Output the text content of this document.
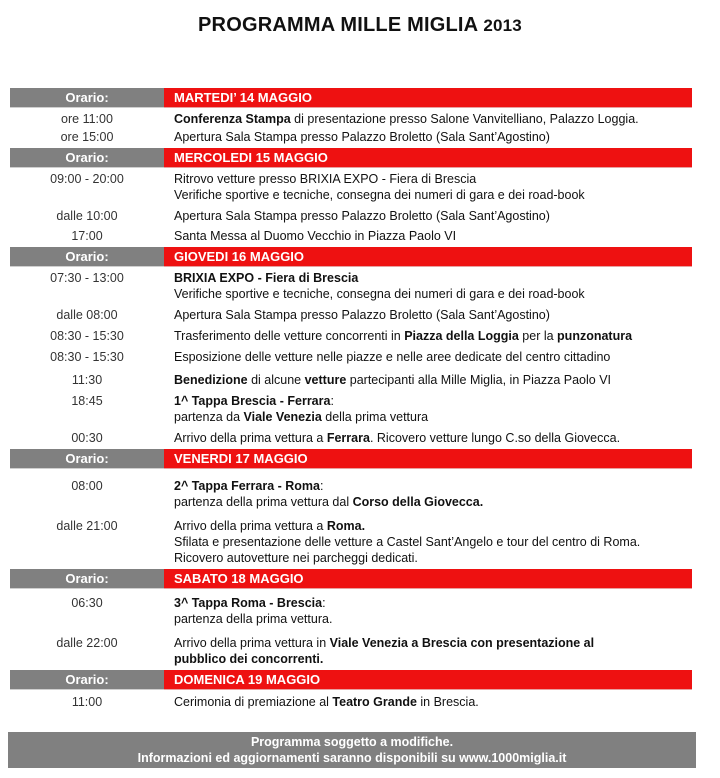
PROGRAMMA MILLE MIGLIA 2013
Orario:	MARTEDI’ 14 MAGGIO
ore 11:00	Conferenza Stampa di presentazione presso Salone Vanvitelliano, Palazzo Loggia.
ore 15:00	Apertura Sala Stampa presso Palazzo Broletto (Sala Sant’Agostino)
Orario:	MERCOLEDI 15 MAGGIO
09:00 - 20:00	Ritrovo vetture presso BRIXIA EXPO - Fiera di Brescia
Verifiche sportive e tecniche, consegna dei numeri di gara e dei road-book
dalle 10:00	Apertura Sala Stampa presso Palazzo Broletto (Sala Sant’Agostino)
17:00	Santa Messa al Duomo Vecchio in Piazza Paolo VI
Orario:	GIOVEDI 16 MAGGIO
07:30 - 13:00	BRIXIA EXPO - Fiera di Brescia
Verifiche sportive e tecniche, consegna dei numeri di gara e dei road-book
dalle 08:00	Apertura Sala Stampa presso Palazzo Broletto (Sala Sant’Agostino)
08:30 - 15:30	Trasferimento delle vetture concorrenti in Piazza della Loggia per la punzonatura
08:30 - 15:30	Esposizione delle vetture nelle piazze e nelle aree dedicate del centro cittadino
11:30	Benedizione di alcune vetture partecipanti alla Mille Miglia, in Piazza Paolo VI
18:45	1^ Tappa Brescia - Ferrara:
partenza da Viale Venezia della prima vettura
00:30	Arrivo della prima vettura a Ferrara. Ricovero vetture lungo C.so della Giovecca.
Orario:	VENERDI 17 MAGGIO
08:00	2^ Tappa Ferrara - Roma:
partenza della prima vettura dal Corso della Giovecca.
dalle 21:00	Arrivo della prima vettura a Roma.
Sfilata e presentazione delle vetture a Castel Sant’Angelo e tour del centro di Roma.
Ricovero autovetture nei parcheggi dedicati.
Orario:	SABATO 18 MAGGIO
06:30	3^ Tappa Roma - Brescia:
partenza della prima vettura.
dalle 22:00	Arrivo della prima vettura in Viale Venezia a Brescia con presentazione al
pubblico dei concorrenti.
Orario:	DOMENICA 19 MAGGIO
11:00	Cerimonia di premiazione al Teatro Grande in Brescia.
Programma soggetto a modifiche.
Informazioni ed aggiornamenti saranno disponibili su www.1000miglia.it
